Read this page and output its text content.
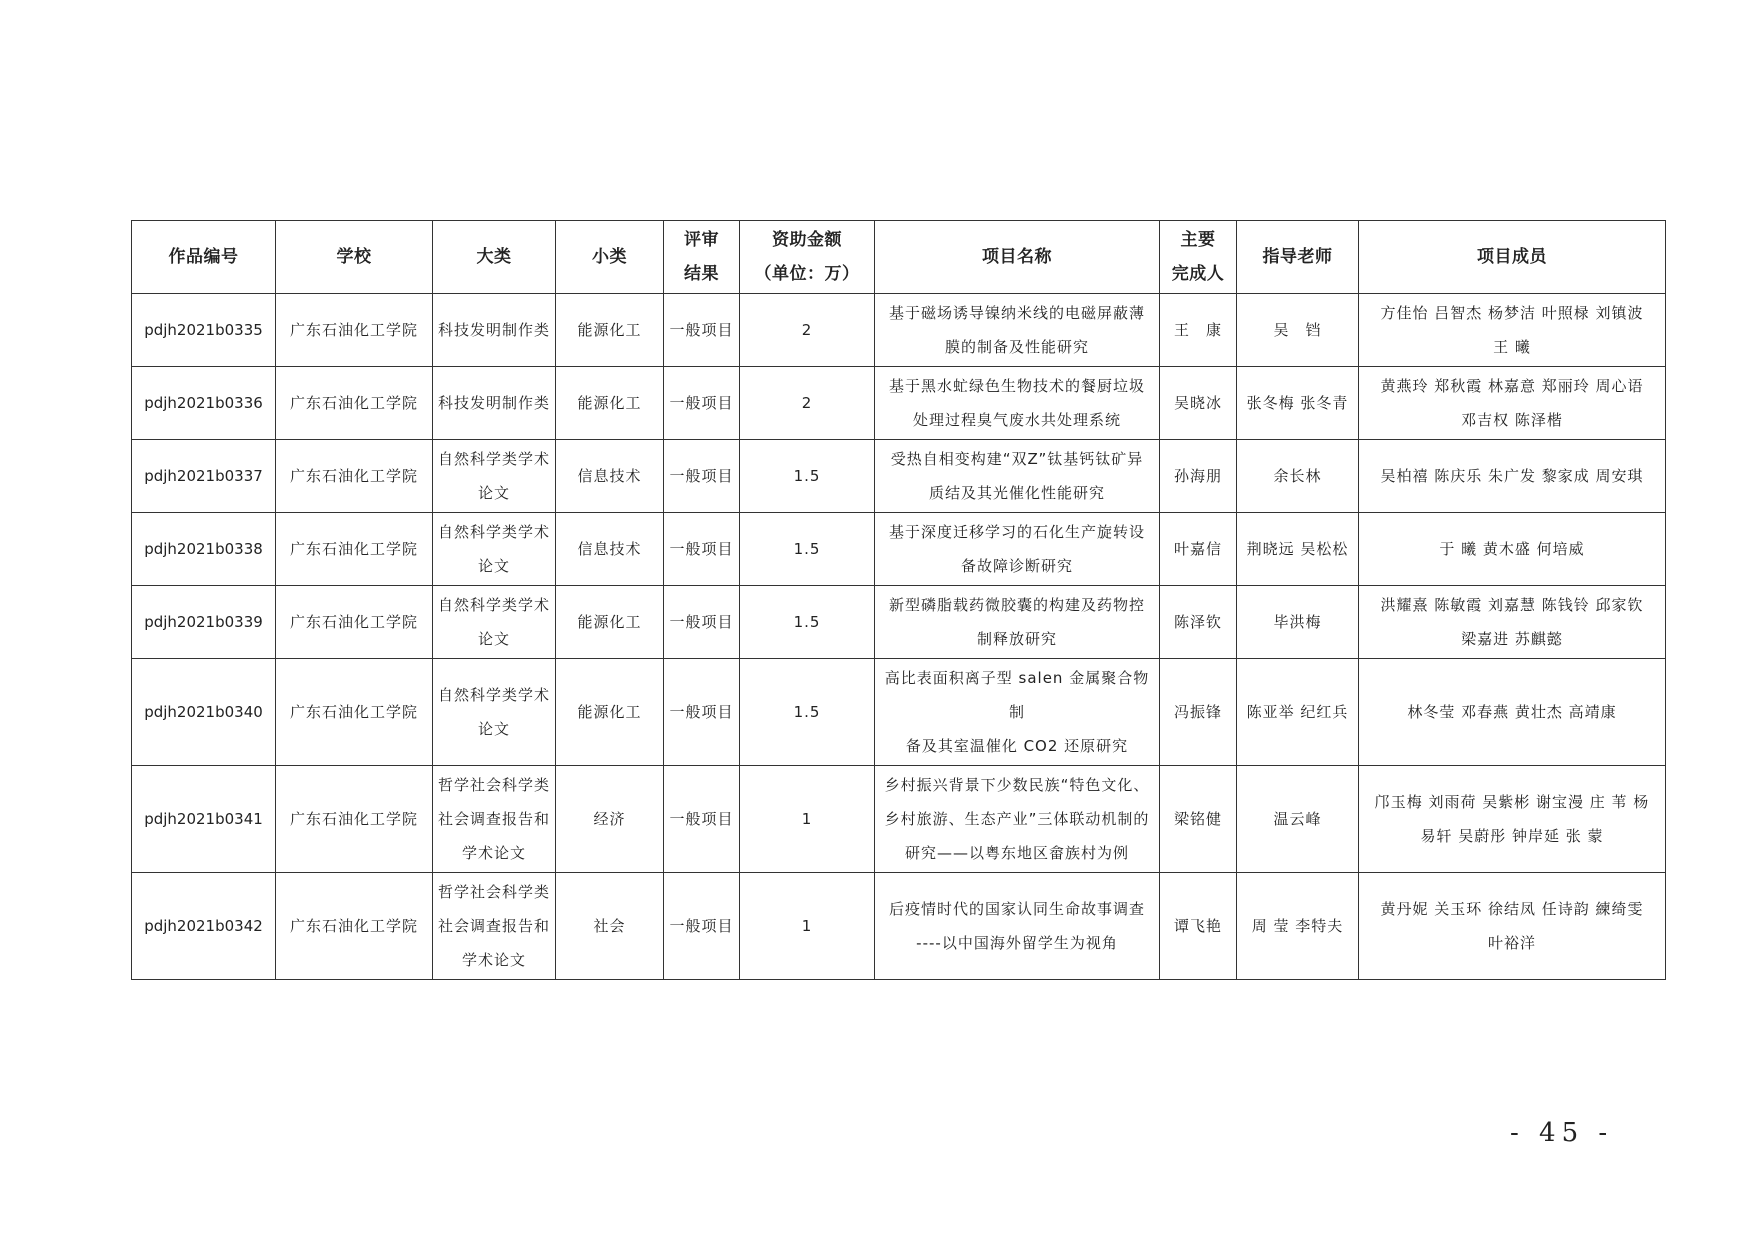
作品编号	学校	大类	小类	评审
结果	资助金额
（单位：万）	项目名称	主要
完成人	指导老师	项目成员

pdjh2021b0335	广东石油化工学院	科技发明制作类	能源化工	一般项目	2	基于磁场诱导镍纳米线的电磁屏蔽薄
膜的制备及性能研究	王　康	吴　铛	方佳怡 吕智杰 杨梦洁 叶照椂 刘镇波
王 曦

pdjh2021b0336	广东石油化工学院	科技发明制作类	能源化工	一般项目	2	基于黑水虻绿色生物技术的餐厨垃圾
处理过程臭气废水共处理系统	吴晓冰	张冬梅 张冬青	黄燕玲 郑秋霞 林嘉意 郑丽玲 周心语
邓吉权 陈泽楷

pdjh2021b0337	广东石油化工学院	自然科学类学术
论文	信息技术	一般项目	1.5	受热自相变构建“双Z”钛基钙钛矿异
质结及其光催化性能研究	孙海朋	余长林	吴柏禧 陈庆乐 朱广发 黎家成 周安琪

pdjh2021b0338	广东石油化工学院	自然科学类学术
论文	信息技术	一般项目	1.5	基于深度迁移学习的石化生产旋转设
备故障诊断研究	叶嘉信	荆晓远 吴松松	于 曦 黄木盛 何培威

pdjh2021b0339	广东石油化工学院	自然科学类学术
论文	能源化工	一般项目	1.5	新型磷脂载药微胶囊的构建及药物控
制释放研究	陈泽钦	毕洪梅	洪耀熹 陈敏霞 刘嘉慧 陈钱铃 邱家钦
梁嘉进 苏麒懿

pdjh2021b0340	广东石油化工学院	自然科学类学术
论文	能源化工	一般项目	1.5	高比表面积离子型 salen 金属聚合物制
备及其室温催化 CO2 还原研究	冯振锋	陈亚举 纪红兵	林冬莹 邓春燕 黄壮杰 高靖康

pdjh2021b0341	广东石油化工学院	哲学社会科学类
社会调查报告和
学术论文	经济	一般项目	1	乡村振兴背景下少数民族“特色文化、
乡村旅游、生态产业”三体联动机制的
研究——以粤东地区畲族村为例	梁铭健	温云峰	邝玉梅 刘雨荷 吴紫彬 谢宝漫 庄 苇 杨
易轩 吴蔚彤 钟岸延 张 蒙

pdjh2021b0342	广东石油化工学院	哲学社会科学类
社会调查报告和
学术论文	社会	一般项目	1	后疫情时代的国家认同生命故事调查
----以中国海外留学生为视角	谭飞艳	周 莹 李特夫	黄丹妮 关玉环 徐结凤 任诗韵 練绮雯
叶裕洋
- 45 -
